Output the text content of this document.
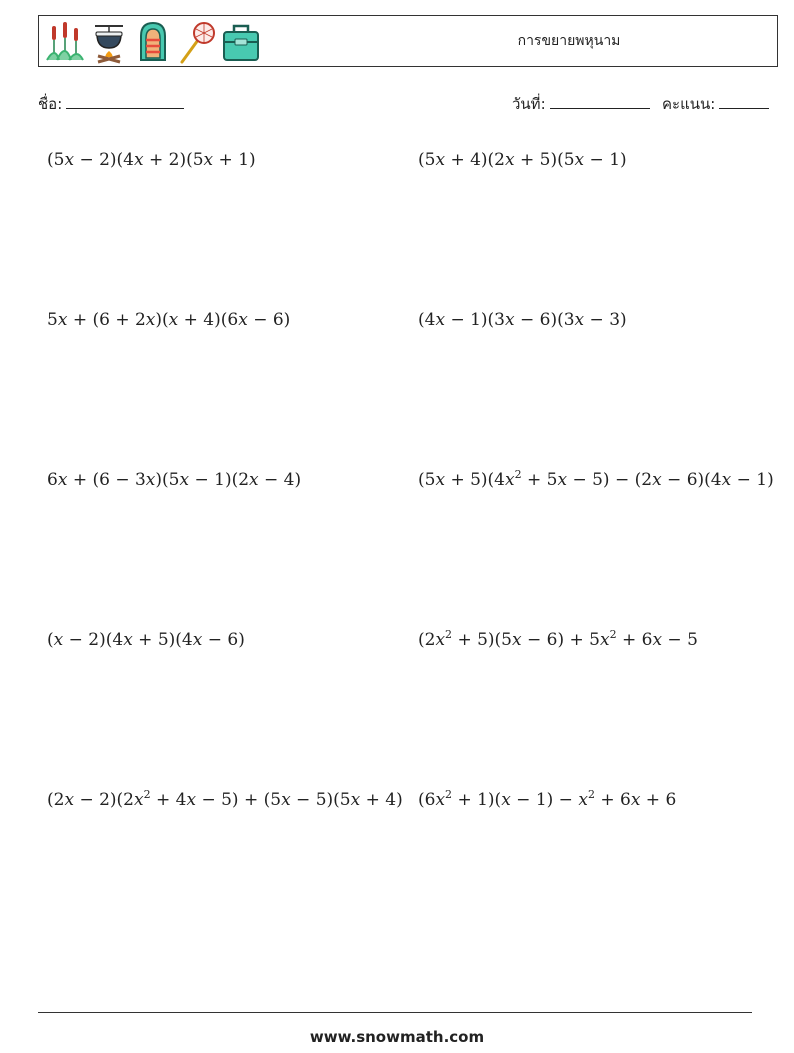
การขยายพหุนาม
ชื่อ:	วันที่:	คะแนน:
(5x − 2)(4x + 2)(5x + 1)	(5x + 4)(2x + 5)(5x − 1)
5x + (6 + 2x)(x + 4)(6x − 6)	(4x − 1)(3x − 6)(3x − 3)
6x + (6 − 3x)(5x − 1)(2x − 4)	$(5x + 5)(4x^2 + 5x - 5) - (2x - 6)(4x - 1)$
(x − 2)(4x + 5)(4x − 6)	$(2x^2 + 5)(5x - 6) + 5x^2 + 6x - 5$
$(2x - 2)(2x^2 + 4x - 5) + (5x - 5)(5x + 4)$ $(6x^2 + 1)(x - 1) - x^2 + 6x + 6$
www.snowmath.com
